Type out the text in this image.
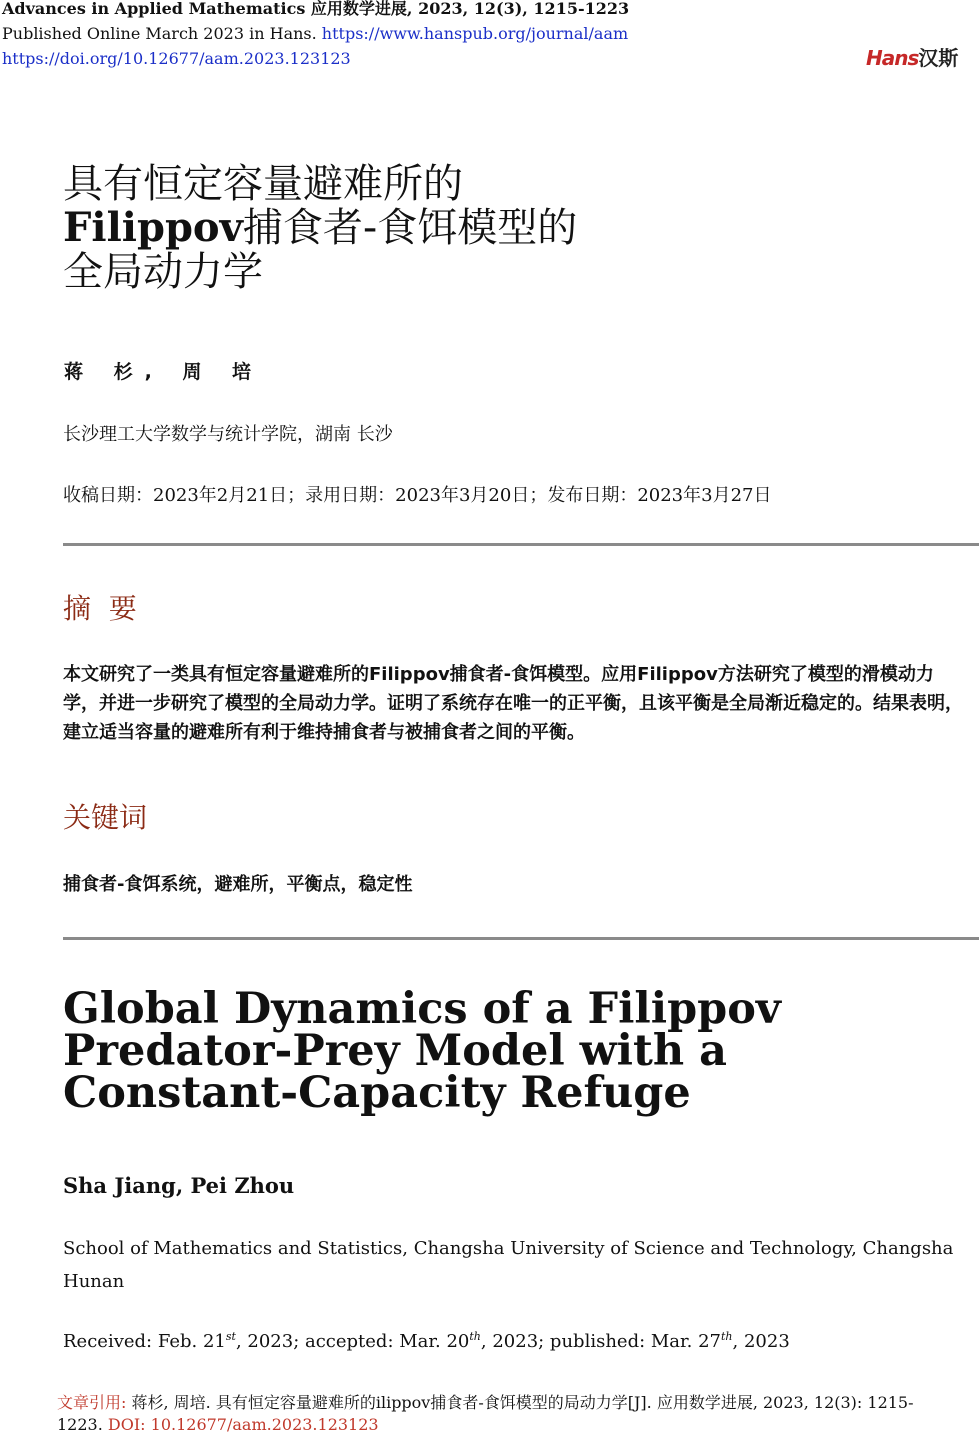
Advances in Applied Mathematics 应用数学进展, 2023, 12(3), 1215-1223
Published Online March 2023 in Hans. https://www.hanspub.org/journal/aam
https://doi.org/10.12677/aam.2023.123123	Hans汉斯
具有恒定容量避难所的
Filippov捕食者-食饵模型的
全局动力学
蒋 杉, 周 培
长沙理工大学数学与统计学院，湖南 长沙
收稿日期：2023年2月21日；录用日期：2023年3月20日；发布日期：2023年3月27日
摘  要
本文研究了一类具有恒定容量避难所的Filippov捕食者-食饵模型。应用Filippov方法研究了模型的滑模动力学，并进一步研究了模型的全局动力学。证明了系统存在唯一的正平衡，且该平衡是全局渐近稳定的。结果表明，建立适当容量的避难所有利于维持捕食者与被捕食者之间的平衡。
关键词
捕食者-食饵系统，避难所，平衡点，稳定性
Global Dynamics of a Filippov
Predator-Prey Model with a
Constant-Capacity Refuge
Sha Jiang, Pei Zhou
School of Mathematics and Statistics, Changsha University of Science and Technology, Changsha Hunan
Received: Feb. 21st, 2023; accepted: Mar. 20th, 2023; published: Mar. 27th, 2023
文章引用: 蒋杉, 周培. 具有恒定容量避难所的ilippov捕食者-食饵模型的局动力学[J]. 应用数学进展, 2023, 12(3): 1215-1223. DOI: 10.12677/aam.2023.123123
